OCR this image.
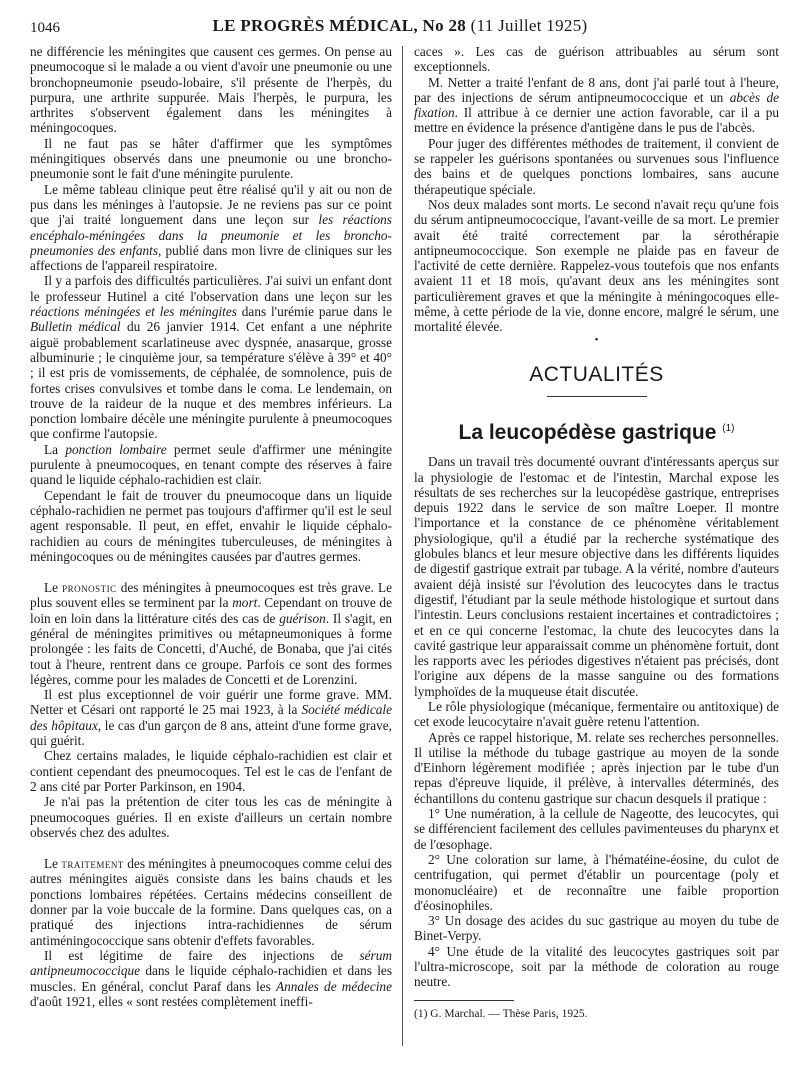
1046	LE PROGRÈS MÉDICAL, No 28 (11 Juillet 1925)

ne différencie les méningites que causent ces germes. On pense au pneumocoque si le malade a ou vient d'avoir une pneumonie ou une bronchopneumonie pseudo-lobaire, s'il présente de l'herpès, du purpura, une arthrite suppurée. Mais l'herpès, le purpura, les arthrites s'observent également dans les méningites à méningocoques.

Il ne faut pas se hâter d'affirmer que les symptômes méningitiques observés dans une pneumonie ou une broncho-pneumonie sont le fait d'une méningite purulente.

Le même tableau clinique peut être réalisé qu'il y ait ou non de pus dans les méninges à l'autopsie. Je ne reviens pas sur ce point que j'ai traité longuement dans une leçon sur les réactions encéphalo-méningées dans la pneumonie et les broncho-pneumonies des enfants, publié dans mon livre de cliniques sur les affections de l'appareil respiratoire.

Il y a parfois des difficultés particulières. J'ai suivi un enfant dont le professeur Hutinel a cité l'observation dans une leçon sur les réactions méningées et les méningites dans l'urémie parue dans le Bulletin médical du 26 janvier 1914. Cet enfant a une néphrite aiguë probablement scarlatineuse avec dyspnée, anasarque, grosse albuminurie ; le cinquième jour, sa température s'élève à 39° et 40° ; il est pris de vomissements, de céphalée, de somnolence, puis de fortes crises convulsives et tombe dans le coma. Le lendemain, on trouve de la raideur de la nuque et des membres inférieurs. La ponction lombaire décèle une méningite purulente à pneumocoques que confirme l'autopsie.

La ponction lombaire permet seule d'affirmer une méningite purulente à pneumocoques, en tenant compte des réserves à faire quand le liquide céphalo-rachidien est clair.

Cependant le fait de trouver du pneumocoque dans un liquide céphalo-rachidien ne permet pas toujours d'affirmer qu'il est le seul agent responsable. Il peut, en effet, envahir le liquide céphalo-rachidien au cours de méningites tuberculeuses, de méningites à méningocoques ou de méningites causées par d'autres germes.

Le pronostic des méningites à pneumocoques est très grave. Le plus souvent elles se terminent par la mort. Cependant on trouve de loin en loin dans la littérature cités des cas de guérison. Il s'agit, en général de méningites primitives ou métapneumoniques à forme prolongée : les faits de Concetti, d'Auché, de Bonaba, que j'ai cités tout à l'heure, rentrent dans ce groupe. Parfois ce sont des formes légères, comme pour les malades de Concetti et de Lorenzini.

Il est plus exceptionnel de voir guérir une forme grave. MM. Netter et Césari ont rapporté le 25 mai 1923, à la Société médicale des hôpitaux, le cas d'un garçon de 8 ans, atteint d'une forme grave, qui guérit.

Chez certains malades, le liquide céphalo-rachidien est clair et contient cependant des pneumocoques. Tel est le cas de l'enfant de 2 ans cité par Porter Parkinson, en 1904.

Je n'ai pas la prétention de citer tous les cas de méningite à pneumocoques guéries. Il en existe d'ailleurs un certain nombre observés chez des adultes.

Le traitement des méningites à pneumocoques comme celui des autres méningites aiguës consiste dans les bains chauds et les ponctions lombaires répétées. Certains médecins conseillent de donner par la voie buccale de la formine. Dans quelques cas, on a pratiqué des injections intra-rachidiennes de sérum antiméningococcique sans obtenir d'effets favorables.

Il est légitime de faire des injections de sérum antipneumococcique dans le liquide céphalo-rachidien et dans les muscles. En général, conclut Paraf dans les Annales de médecine d'août 1921, elles « sont restées complètement ineffi-

caces ». Les cas de guérison attribuables au sérum sont exceptionnels.

M. Netter a traité l'enfant de 8 ans, dont j'ai parlé tout à l'heure, par des injections de sérum antipneumococcique et un abcès de fixation. Il attribue à ce dernier une action favorable, car il a pu mettre en évidence la présence d'antigène dans le pus de l'abcès.

Pour juger des différentes méthodes de traitement, il convient de se rappeler les guérisons spontanées ou survenues sous l'influence des bains et de quelques ponctions lombaires, sans aucune thérapeutique spéciale.

Nos deux malades sont morts. Le second n'avait reçu qu'une fois du sérum antipneumococcique, l'avant-veille de sa mort. Le premier avait été traité correctement par la sérothérapie antipneumococcique. Son exemple ne plaide pas en faveur de l'activité de cette dernière. Rappelez-vous toutefois que nos enfants avaient 11 et 18 mois, qu'avant deux ans les méningites sont particulièrement graves et que la méningite à méningocoques elle-même, à cette période de la vie, donne encore, malgré le sérum, une mortalité élevée.

•
ACTUALITÉS
La leucopédèse gastrique $^{(1)}$

Dans un travail très documenté ouvrant d'intéressants aperçus sur la physiologie de l'estomac et de l'intestin, Marchal expose les résultats de ses recherches sur la leucopédèse gastrique, entreprises depuis 1922 dans le service de son maître Loeper. Il montre l'importance et la constance de ce phénomène véritablement physiologique, qu'il a étudié par la recherche systématique des globules blancs et leur mesure objective dans les différents liquides de digestif gastrique extrait par tubage. A la vérité, nombre d'auteurs avaient déjà insisté sur l'évolution des leucocytes dans le tractus digestif, l'étudiant par la seule méthode histologique et surtout dans l'intestin. Leurs conclusions restaient incertaines et contradictoires ; et en ce qui concerne l'estomac, la chute des leucocytes dans la cavité gastrique leur apparaissait comme un phénomène fortuit, dont les rapports avec les périodes digestives n'étaient pas précisés, dont l'origine aux dépens de la masse sanguine ou des formations lymphoïdes de la muqueuse était discutée.

Le rôle physiologique (mécanique, fermentaire ou antitoxique) de cet exode leucocytaire n'avait guère retenu l'attention.

Après ce rappel historique, M. relate ses recherches personnelles. Il utilise la méthode du tubage gastrique au moyen de la sonde d'Einhorn légèrement modifiée ; après injection par le tube d'un repas d'épreuve liquide, il prélève, à intervalles déterminés, des échantillons du contenu gastrique sur chacun desquels il pratique :

1° Une numération, à la cellule de Nageotte, des leucocytes, qui se différencient facilement des cellules pavimenteuses du pharynx et de l'œsophage.

2° Une coloration sur lame, à l'hématéine-éosine, du culot de centrifugation, qui permet d'établir un pourcentage (poly et mononucléaire) et de reconnaître une faible proportion d'éosinophiles.

3° Un dosage des acides du suc gastrique au moyen du tube de Binet-Verpy.

4° Une étude de la vitalité des leucocytes gastriques soit par l'ultra-microscope, soit par la méthode de coloration au rouge neutre.

(1) G. Marchal. — Thèse Paris, 1925.
